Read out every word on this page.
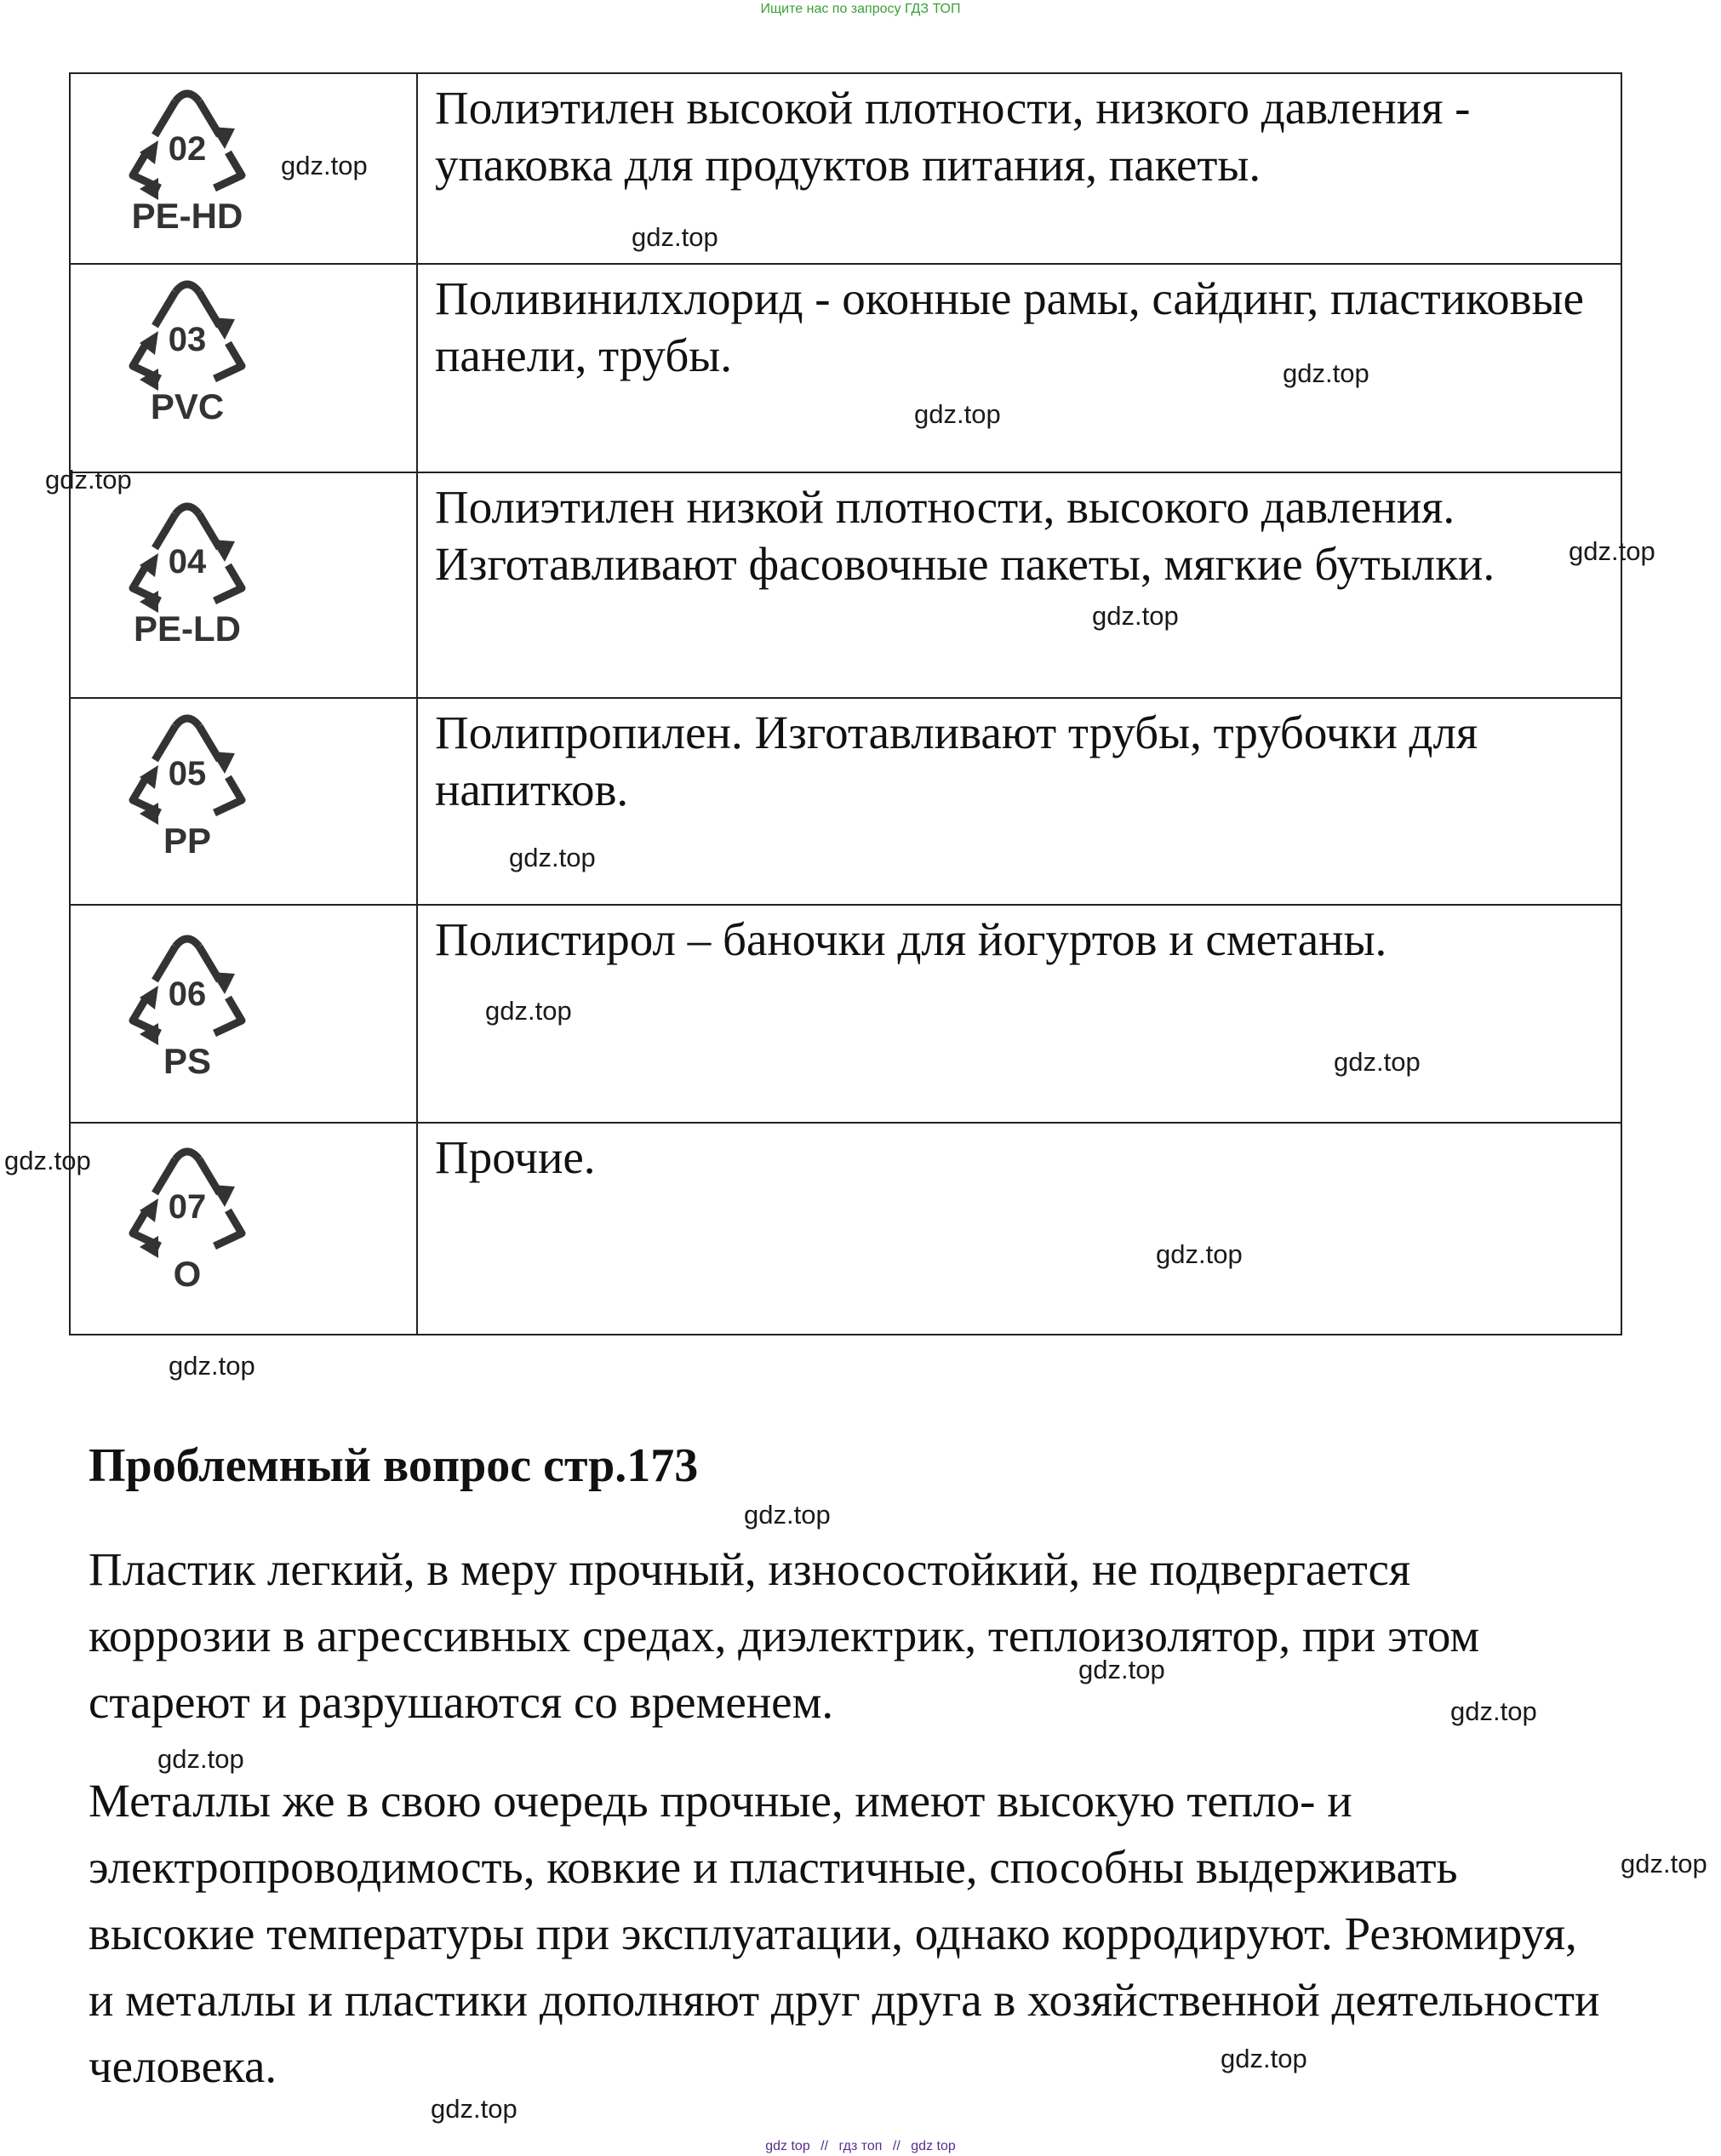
Ищите нас по запросу ГДЗ ТОП
02
PE-HD	Полиэтилен высокой плотности, низкого давления - упаковка для продуктов питания, пакеты.

03
PVC	Поливинилхлорид - оконные рамы, сайдинг, пластиковые панели, трубы.

04
PE-LD	Полиэтилен низкой плотности, высокого давления. Изготавливают фасовочные пакеты, мягкие бутылки.

05
PP	Полипропилен. Изготавливают трубы, трубочки для напитков.

06
PS	Полистирол – баночки для йогуртов и сметаны.

07
O	Прочие.
Проблемный вопрос стр.173

Пластик легкий, в меру прочный, износостойкий, не подвергается коррозии в агрессивных средах, диэлектрик, теплоизолятор, при этом стареют и разрушаются со временем.

Металлы же в свою очередь прочные, имеют высокую тепло- и электропроводимость, ковкие и пластичные, способны выдерживать высокие температуры при эксплуатации, однако корродируют. Резюмируя, и металлы и пластики дополняют друг друга в хозяйственной деятельности человека.

gdz.top
gdz.top
gdz.top
gdz.top
gdz.top
gdz.top
gdz.top
gdz.top
gdz.top
gdz.top
gdz.top
gdz.top
gdz.top
gdz.top
gdz.top
gdz.top
gdz.top
gdz.top
gdz.top
gdz.top
gdz top // гдз топ // gdz top
